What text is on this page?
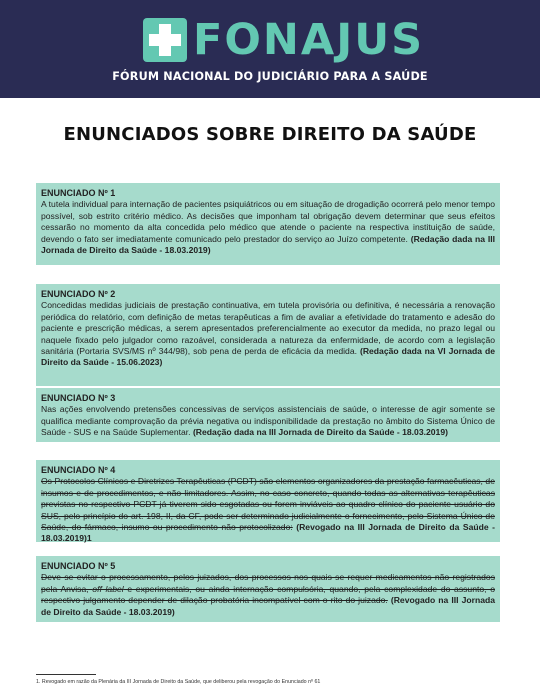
FONAJUS
FÓRUM NACIONAL DO JUDICIÁRIO PARA A SAÚDE
ENUNCIADOS SOBRE DIREITO DA SAÚDE
ENUNCIADO Nº 1
A tutela individual para internação de pacientes psiquiátricos ou em situação de drogadição ocorrerá pelo menor tempo possível, sob estrito critério médico. As decisões que imponham tal obrigação devem determinar que seus efeitos cessarão no momento da alta concedida pelo médico que atende o paciente na respectiva instituição de saúde, devendo o fato ser imediatamente comunicado pelo prestador do serviço ao Juízo competente. (Redação dada na III Jornada de Direito da Saúde - 18.03.2019)
ENUNCIADO Nº 2
Concedidas medidas judiciais de prestação continuativa, em tutela provisória ou definitiva, é necessária a renovação periódica do relatório, com definição de metas terapêuticas a fim de avaliar a efetividade do tratamento e adesão do paciente e prescrição médicas, a serem apresentados preferencialmente ao executor da medida, no prazo legal ou naquele fixado pelo julgador como razoável, considerada a natureza da enfermidade, de acordo com a legislação sanitária (Portaria SVS/MS nº 344/98), sob pena de perda de eficácia da medida. (Redação dada na VI Jornada de Direito da Saúde - 15.06.2023)
ENUNCIADO Nº 3
Nas ações envolvendo pretensões concessivas de serviços assistenciais de saúde, o interesse de agir somente se qualifica mediante comprovação da prévia negativa ou indisponibilidade da prestação no âmbito do Sistema Único de Saúde - SUS e na Saúde Suplementar. (Redação dada na III Jornada de Direito da Saúde - 18.03.2019)
ENUNCIADO Nº 4
Os Protocolos Clínicos e Diretrizes Terapêuticas (PCDT) são elementos organizadores da prestação farmacêuticas, de insumos e de procedimentos, e não limitadores. Assim, no caso concreto, quando todas as alternativas terapêuticas previstas no respectivo PCDT já tiverem sido esgotadas ou forem inviáveis ao quadro clínico do paciente usuário do SUS, pelo princípio do art. 198, II, da CF, pode ser determinado judicialmente o fornecimento, pelo Sistema Único de Saúde, do fármaco, insumo ou procedimento não protocolizado: (Revogado na III Jornada de Direito da Saúde - 18.03.2019)1
ENUNCIADO Nº 5
Deve se evitar o processamento, pelos juizados, dos processos nos quais se requer medicamentos não registrados pela Anvisa, off label e experimentais, ou ainda internação compulsória, quando, pela complexidade do assunto, o respectivo julgamento depender de dilação probatória incompatível com o rito do juizado. (Revogado na III Jornada de Direito da Saúde - 18.03.2019)
1. Revogado em razão da Plenária da III Jornada de Direito da Saúde, que deliberou pela revogação do Enunciado nº 61
